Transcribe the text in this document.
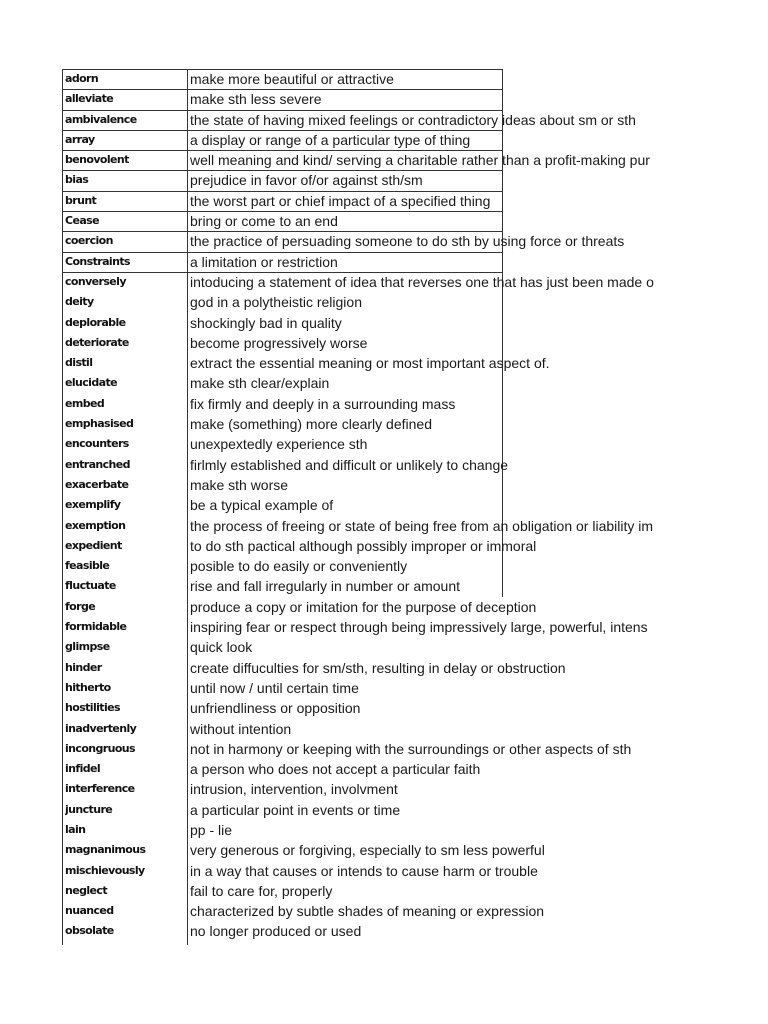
adorn	make more beautiful or attractive
alleviate	make sth less severe
ambivalence	the state of having mixed feelings or contradictory ideas about sm or sth
array	a display or range of a particular type of thing
benovolent	well meaning and kind/ serving a charitable rather than a profit-making pur
bias	prejudice in favor of/or against sth/sm
brunt	the worst part or chief impact of a specified thing
Cease	bring or come to an end
coercion	the practice of persuading someone to do sth by using force or threats
Constraints	a limitation or restriction
conversely	intoducing a statement of idea that reverses one that has just been made o
deity	god in a polytheistic religion
deplorable	shockingly bad in quality
deteriorate	become progressively worse
distil	extract the essential meaning or most important aspect of.
elucidate	make sth clear/explain
embed	fix firmly and deeply in a surrounding mass
emphasised	make (something) more clearly defined
encounters	unexpextedly experience sth
entranched	firlmly established and difficult or unlikely to change
exacerbate	make sth worse
exemplify	be a typical example of
exemption	the process of freeing or state of being free from an obligation or liability im
expedient	to do sth pactical although possibly improper or immoral
feasible	posible to do easily or conveniently
fluctuate	rise and fall irregularly in number or amount
forge	produce a copy or imitation for the purpose of deception
formidable	inspiring fear or respect through being impressively large, powerful, intens
glimpse	quick look
hinder	create diffuculties for sm/sth, resulting in delay or obstruction
hitherto	until now / until certain time
hostilities	unfriendliness or opposition
inadvertenly	without intention
incongruous	not in harmony or keeping with the surroundings or other aspects of sth
infidel	a person who does not accept a particular faith
interference	intrusion, intervention, involvment
juncture	a particular point in events or time
lain	pp - lie
magnanimous	very generous or forgiving, especially to sm less powerful
mischievously	in a way that causes or intends to cause harm or trouble
neglect	fail to care for, properly
nuanced	characterized by subtle shades of meaning or expression
obsolate	no longer produced or used
